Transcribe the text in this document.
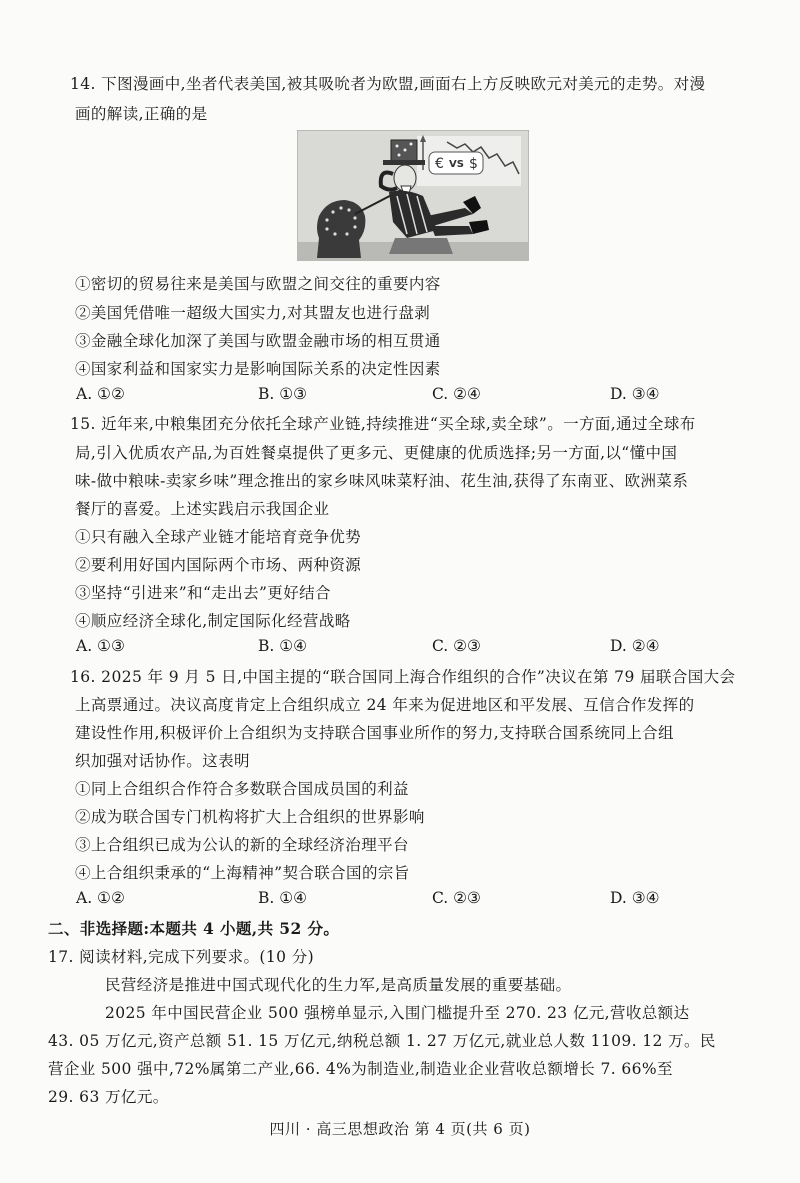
14. 下图漫画中,坐者代表美国,被其吸吮者为欧盟,画面右上方反映欧元对美元的走势。对漫
画的解读,正确的是
€ VS $
①密切的贸易往来是美国与欧盟之间交往的重要内容
②美国凭借唯一超级大国实力,对其盟友也进行盘剥
③金融全球化加深了美国与欧盟金融市场的相互贯通
④国家利益和国家实力是影响国际关系的决定性因素
A. ①②	B. ①③	C. ②④	D. ③④
15. 近年来,中粮集团充分依托全球产业链,持续推进“买全球,卖全球”。一方面,通过全球布
局,引入优质农产品,为百姓餐桌提供了更多元、更健康的优质选择;另一方面,以“懂中国
味-做中粮味-卖家乡味”理念推出的家乡味风味菜籽油、花生油,获得了东南亚、欧洲菜系
餐厅的喜爱。上述实践启示我国企业
①只有融入全球产业链才能培育竞争优势
②要利用好国内国际两个市场、两种资源
③坚持“引进来”和“走出去”更好结合
④顺应经济全球化,制定国际化经营战略
A. ①③	B. ①④	C. ②③	D. ②④
16. 2025 年 9 月 5 日,中国主提的“联合国同上海合作组织的合作”决议在第 79 届联合国大会
上高票通过。决议高度肯定上合组织成立 24 年来为促进地区和平发展、互信合作发挥的
建设性作用,积极评价上合组织为支持联合国事业所作的努力,支持联合国系统同上合组
织加强对话协作。这表明
①同上合组织合作符合多数联合国成员国的利益
②成为联合国专门机构将扩大上合组织的世界影响
③上合组织已成为公认的新的全球经济治理平台
④上合组织秉承的“上海精神”契合联合国的宗旨
A. ①②	B. ①④	C. ②③	D. ③④
二、非选择题:本题共 4 小题,共 52 分。
17. 阅读材料,完成下列要求。(10 分)
民营经济是推进中国式现代化的生力军,是高质量发展的重要基础。
2025 年中国民营企业 500 强榜单显示,入围门槛提升至 270. 23 亿元,营收总额达
43. 05 万亿元,资产总额 51. 15 万亿元,纳税总额 1. 27 万亿元,就业总人数 1109. 12 万。民
营企业 500 强中,72%属第二产业,66. 4%为制造业,制造业企业营收总额增长 7. 66%至
29. 63 万亿元。
四川 · 高三思想政治 第 4 页(共 6 页)
